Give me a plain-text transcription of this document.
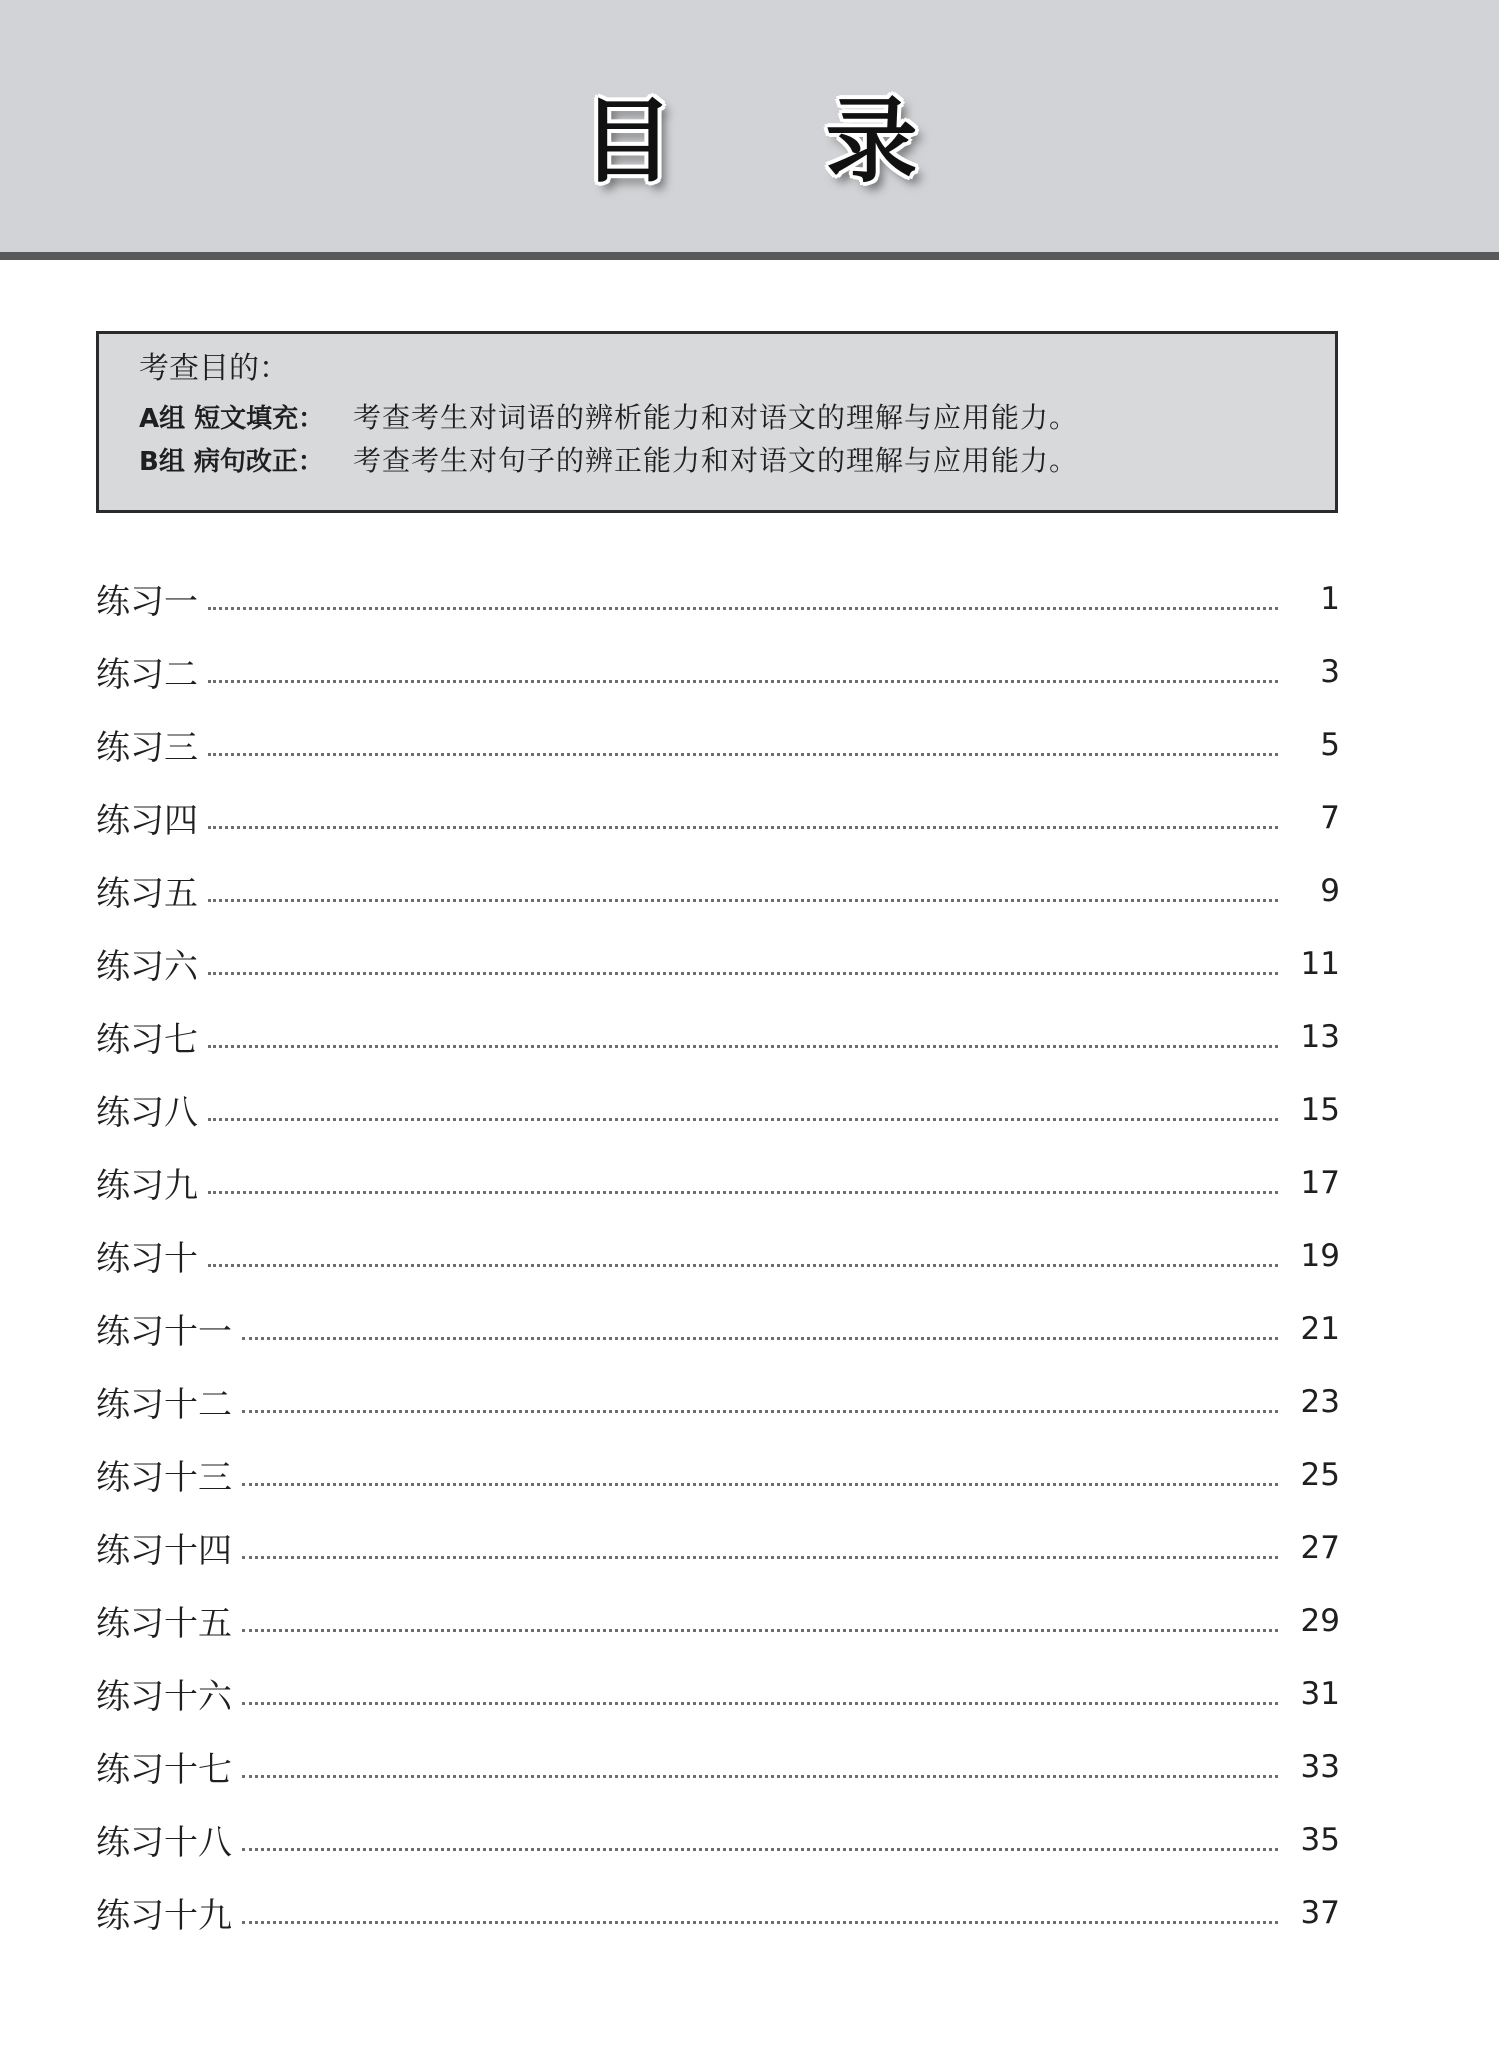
目 录
考查目的：
A组 短文填充：	考查考生对词语的辨析能力和对语文的理解与应用能力。
B组 病句改正：	考查考生对句子的辨正能力和对语文的理解与应用能力。
练习一	1
练习二	3
练习三	5
练习四	7
练习五	9
练习六	11
练习七	13
练习八	15
练习九	17
练习十	19
练习十一	21
练习十二	23
练习十三	25
练习十四	27
练习十五	29
练习十六	31
练习十七	33
练习十八	35
练习十九	37
